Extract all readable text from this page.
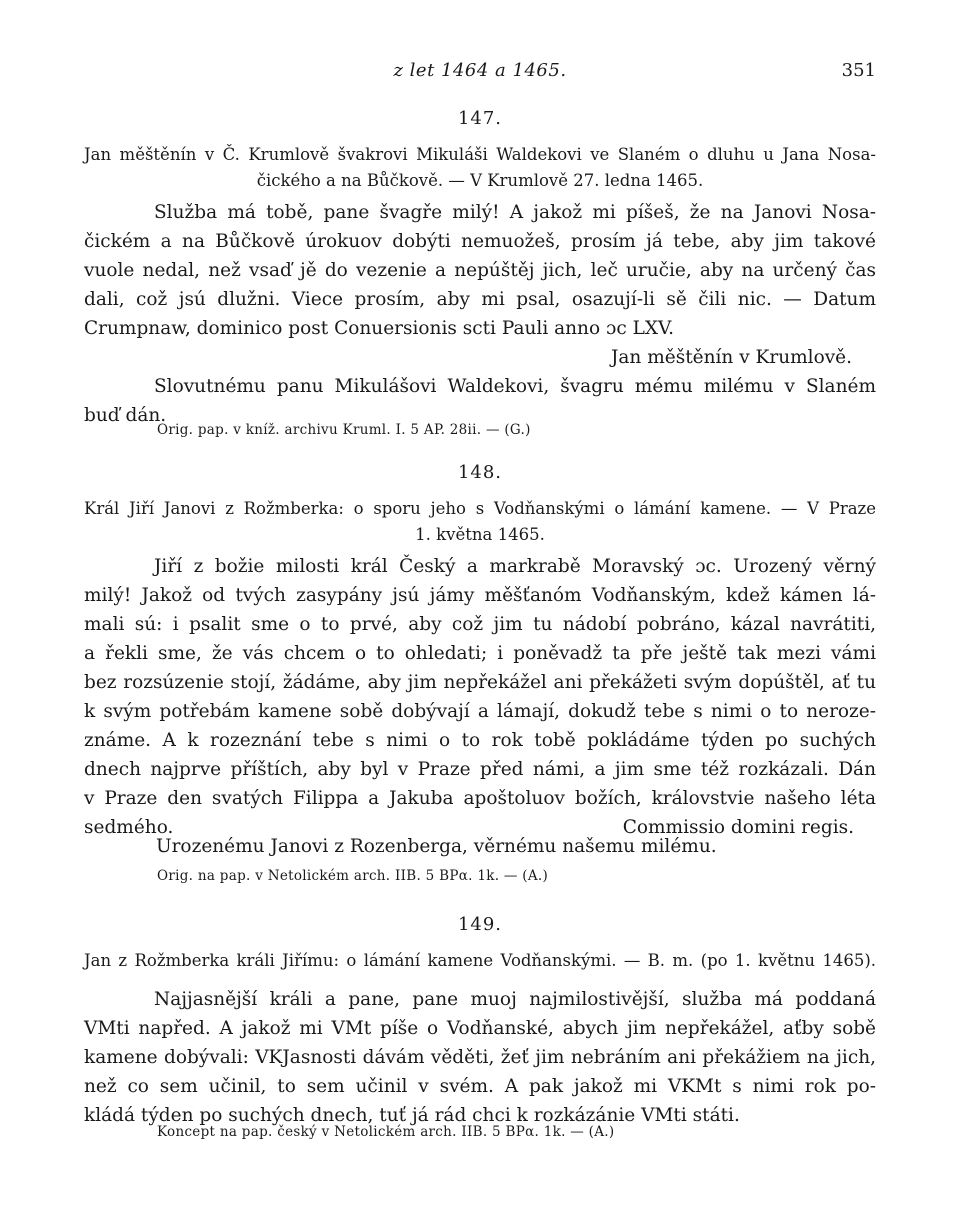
z let 1464 a 1465.	351
147.
Jan měštěnín v Č. Krumlově švakrovi Mikuláši Waldekovi ve Slaném o dluhu u Jana Nosa-
čického a na Bůčkově. — V Krumlově 27. ledna 1465.
Služba má tobě, pane švagře milý! A jakož mi píšeš, že na Janovi Nosa-
čickém a na Bůčkově úrokuov dobýti nemuožeš, prosím já tebe, aby jim takové
vuole nedal, než vsaď jě do vezenie a nepúštěj jich, leč uručie, aby na určený čas
dali, což jsú dlužni. Viece prosím, aby mi psal, osazují-li sě čili nic. — Datum
Crumpnaw, dominico post Conuersionis scti Pauli anno ɔc LXV.
Jan měštěnín v Krumlově.
Slovutnému panu Mikulášovi Waldekovi, švagru mému milému v Slaném
buď dán.
Orig. pap. v kníž. archivu Kruml. I. 5 AP. 28ii. — (G.)
148.
Král Jiří Janovi z Rožmberka: o sporu jeho s Vodňanskými o lámání kamene. — V Praze
1. května 1465.
Jiří z božie milosti král Český a markrabě Moravský ɔc. Urozený věrný
milý! Jakož od tvých zasypány jsú jámy měšťanóm Vodňanským, kdež kámen lá-
mali sú: i psalit sme o to prvé, aby což jim tu nádobí pobráno, kázal navrátiti,
a řekli sme, že vás chcem o to ohledati; i poněvadž ta pře ještě tak mezi vámi
bez rozsúzenie stojí, žádáme, aby jim nepřekážel ani překážeti svým dopúštěl, ať tu
k svým potřebám kamene sobě dobývají a lámají, dokudž tebe s nimi o to neroze-
známe. A k rozeznání tebe s nimi o to rok tobě pokládáme týden po suchých
dnech najprve příštích, aby byl v Praze před námi, a jim sme též rozkázali. Dán
v Praze den svatých Filippa a Jakuba apoštoluov božích, královstvie našeho léta
sedmého.	Commissio domini regis.
Urozenému Janovi z Rozenberga, věrnému našemu milému.
Orig. na pap. v Netolickém arch. IIB. 5 BPα. 1k. — (A.)
149.
Jan z Rožmberka králi Jiřímu: o lámání kamene Vodňanskými. — B. m. (po 1. květnu 1465).
Najjasnější králi a pane, pane muoj najmilostivější, služba má poddaná
VMti napřed. A jakož mi VMt píše o Vodňanské, abych jim nepřekážel, aťby sobě
kamene dobývali: VKJasnosti dávám věděti, žeť jim nebráním ani překážiem na jich,
než co sem učinil, to sem učinil v svém. A pak jakož mi VKMt s nimi rok po-
kládá týden po suchých dnech, tuť já rád chci k rozkázánie VMti státi.
Koncept na pap. český v Netolickém arch. IIB. 5 BPα. 1k. — (A.)
